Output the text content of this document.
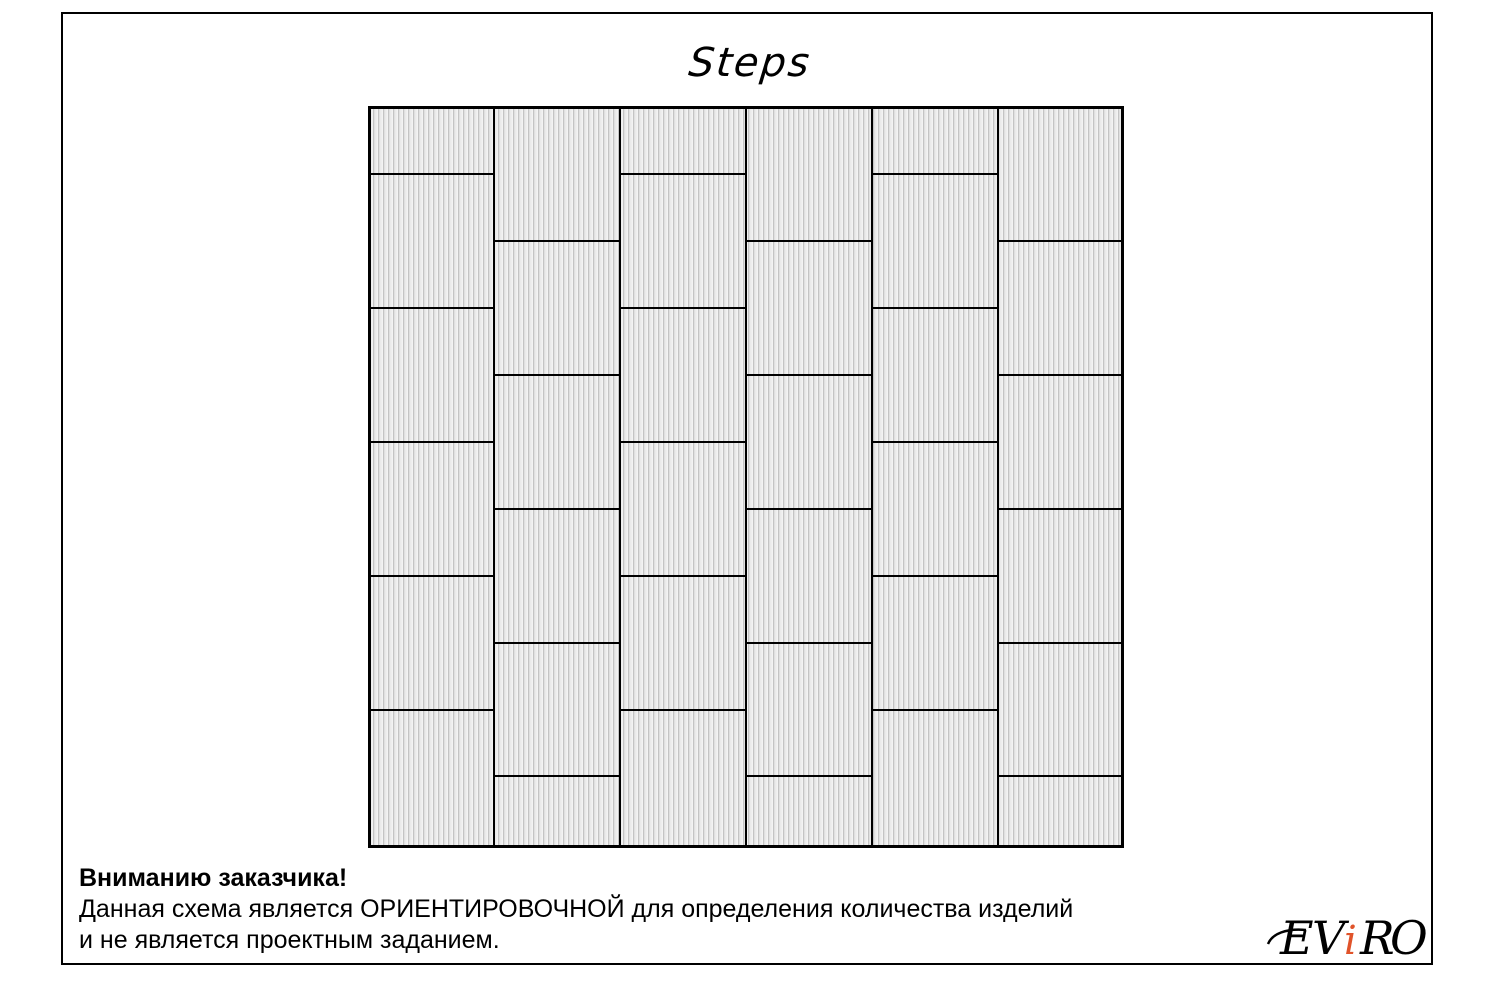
Steps
Вниманию заказчика!
Данная схема является ОРИЕНТИРОВОЧНОЙ для определения количества изделий
и не является проектным заданием.	E
V
i R
O
